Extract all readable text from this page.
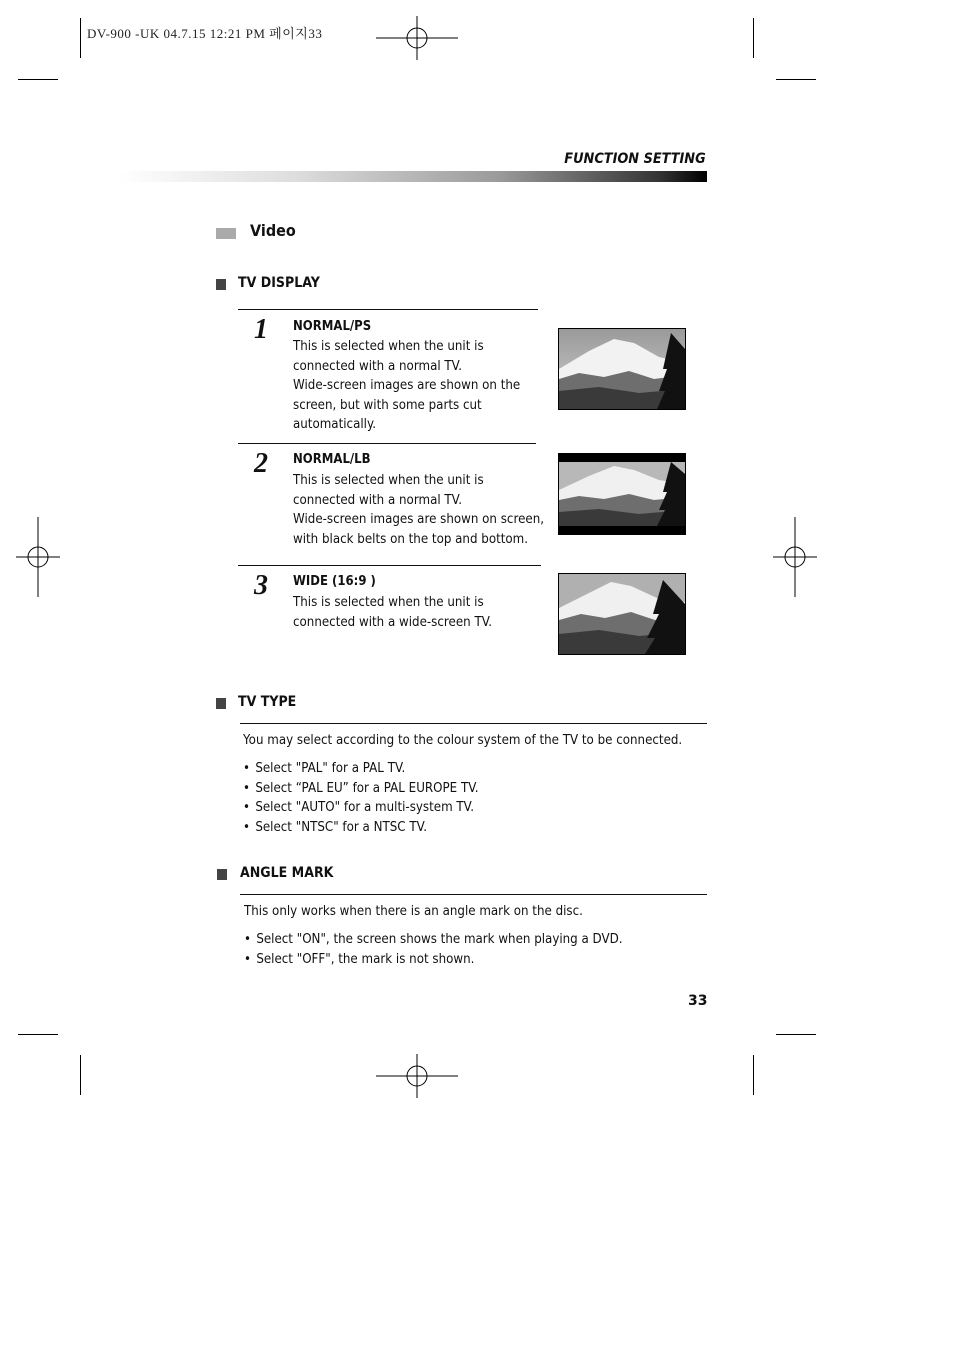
DV-900 -UK 04.7.15 12:21 PM 페이지33
FUNCTION SETTING
Video
TV DISPLAY
1 NORMAL/PS
This is selected when the unit is
connected with a normal TV.
Wide-screen images are shown on the
screen, but with some parts cut
automatically.
2 NORMAL/LB
This is selected when the unit is
connected with a normal TV.
Wide-screen images are shown on screen,
with black belts on the top and bottom.
3 WIDE (16:9 )
This is selected when the unit is
connected with a wide-screen TV.
TV TYPE
You may select according to the colour system of the TV to be connected.
• Select "PAL" for a PAL TV.
• Select “PAL EU” for a PAL EUROPE TV.
• Select "AUTO" for a multi-system TV.
• Select "NTSC" for a NTSC TV.
ANGLE MARK
This only works when there is an angle mark on the disc.
• Select "ON", the screen shows the mark when playing a DVD.
• Select "OFF", the mark is not shown.
33
